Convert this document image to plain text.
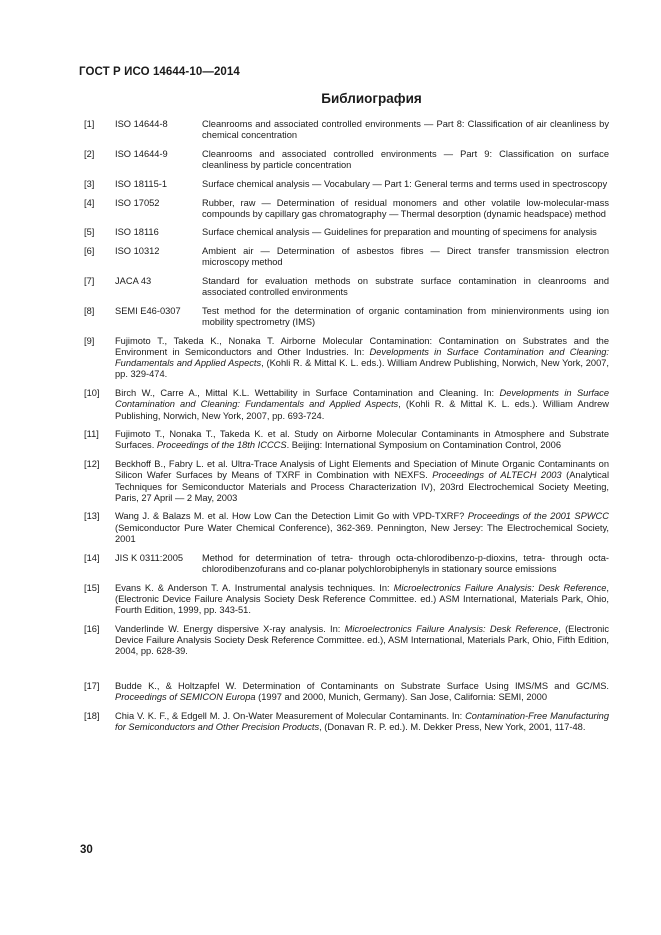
ГОСТ Р ИСО 14644-10—2014
Библиография
[1] ISO 14644-8	Cleanrooms and associated controlled environments — Part 8: Classification of air cleanliness by chemical concentration
[2] ISO 14644-9	Cleanrooms and associated controlled environments — Part 9: Classification on surface cleanliness by particle concentration
[3] ISO 18115-1	Surface chemical analysis — Vocabulary — Part 1: General terms and terms used in spectroscopy
[4] ISO 17052	Rubber, raw — Determination of residual monomers and other volatile low-molecular-mass compounds by capillary gas chromatography — Thermal desorption (dynamic headspace) method
[5] ISO 18116	Surface chemical analysis — Guidelines for preparation and mounting of specimens for analysis
[6] ISO 10312	Ambient air — Determination of asbestos fibres — Direct transfer transmission electron microscopy method
[7] JACA 43	Standard for evaluation methods on substrate surface contamination in cleanrooms and associated controlled environments
[8] SEMI E46-0307 Test method for the determination of organic contamination from minienvironments using ion mobility spectrometry (IMS)
[9] Fujimoto T., Takeda K., Nonaka T. Airborne Molecular Contamination: Contamination on Substrates and the Environment in Semiconductors and Other Industries. In: Developments in Surface Contamination and Cleaning: Fundamentals and Applied Aspects, (Kohli R. & Mittal K. L. eds.). William Andrew Publishing, Norwich, New York, 2007, pp. 329-474.
[10] Birch W., Carre A., Mittal K.L. Wettability in Surface Contamination and Cleaning. In: Developments in Surface Contamination and Cleaning: Fundamentals and Applied Aspects, (Kohli R. & Mittal K. L. eds.). William Andrew Publishing, Norwich, New York, 2007, pp. 693-724.
[11] Fujimoto T., Nonaka T., Takeda K. et al. Study on Airborne Molecular Contaminants in Atmosphere and Substrate Surfaces. Proceedings of the 18th ICCCS. Beijing: International Symposium on Contamination Control, 2006
[12] Beckhoff B., Fabry L. et al. Ultra-Trace Analysis of Light Elements and Speciation of Minute Organic Contaminants on Silicon Wafer Surfaces by Means of TXRF in Combination with NEXFS. Proceedings of ALTECH 2003 (Analytical Techniques for Semiconductor Materials and Process Characterization IV), 203rd Electrochemical Society Meeting, Paris, 27 April — 2 May, 2003
[13] Wang J. & Balazs M. et al. How Low Can the Detection Limit Go with VPD-TXRF? Proceedings of the 2001 SPWCC (Semiconductor Pure Water Chemical Conference), 362-369. Pennington, New Jersey: The Electrochemical Society, 2001
[14] JIS K 0311:2005 Method for determination of tetra- through octa-chlorodibenzo-p-dioxins, tetra- through octa-chlorodibenzofurans and co-planar polychlorobiphenyls in stationary source emissions
[15] Evans K. & Anderson T. A. Instrumental analysis techniques. In: Microelectronics Failure Analysis: Desk Reference, (Electronic Device Failure Analysis Society Desk Reference Committee. ed.) ASM International, Materials Park, Ohio, Fourth Edition, 1999, pp. 343-51.
[16] Vanderlinde W. Energy dispersive X-ray analysis. In: Microelectronics Failure Analysis: Desk Reference, (Electronic Device Failure Analysis Society Desk Reference Committee. ed.), ASM International, Materials Park, Ohio, Fifth Edition, 2004, pp. 628-39.
[17] Budde K., & Holtzapfel W. Determination of Contaminants on Substrate Surface Using IMS/MS and GC/MS. Proceedings of SEMICON Europa (1997 and 2000, Munich, Germany). San Jose, California: SEMI, 2000
[18] Chia V. K. F., & Edgell M. J. On-Water Measurement of Molecular Contaminants. In: Contamination-Free Manufacturing for Semiconductors and Other Precision Products, (Donavan R. P. ed.). M. Dekker Press, New York, 2001, 117-48.
30
